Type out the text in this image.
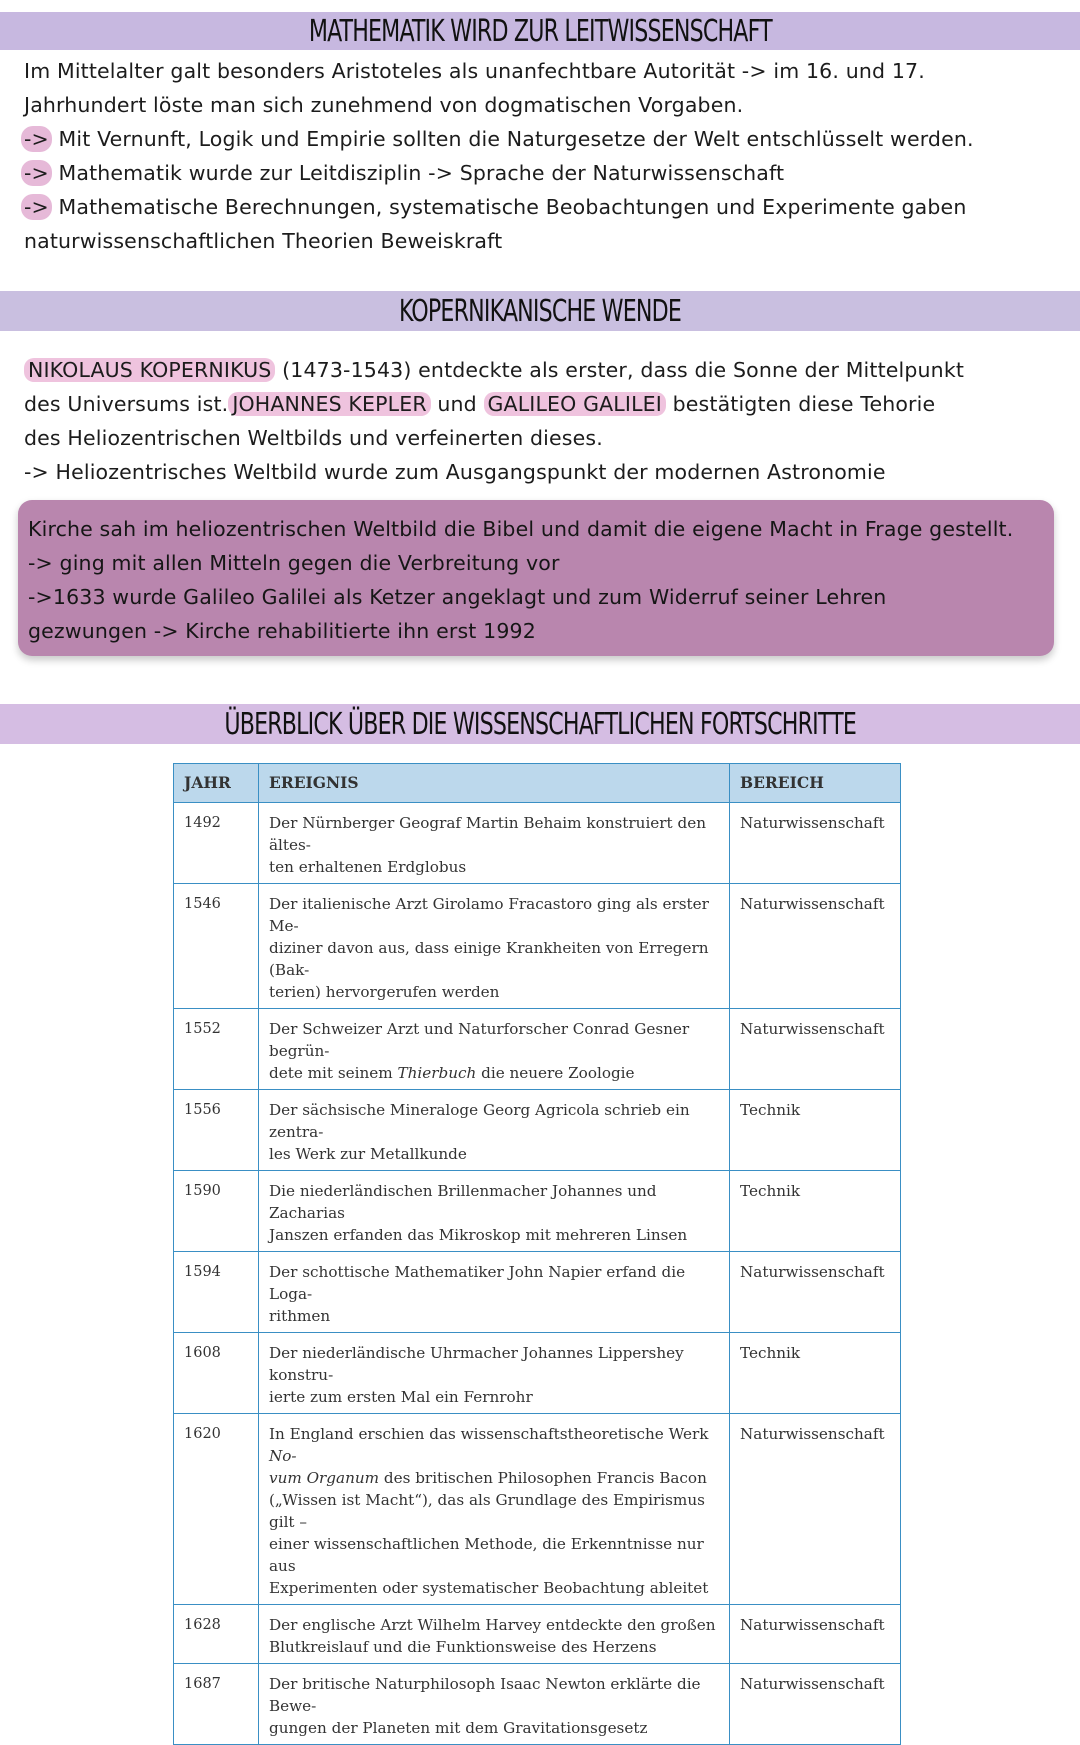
MATHEMATIK WIRD ZUR LEITWISSENSCHAFT

Im Mittelalter galt besonders Aristoteles als unanfechtbare Autorität -> im 16. und 17.

Jahrhundert löste man sich zunehmend von dogmatischen Vorgaben.

-> Mit Vernunft, Logik und Empirie sollten die Naturgesetze der Welt entschlüsselt werden.

-> Mathematik wurde zur Leitdisziplin -> Sprache der Naturwissenschaft

-> Mathematische Berechnungen, systematische Beobachtungen und Experimente gaben

naturwissenschaftlichen Theorien Beweiskraft

KOPERNIKANISCHE WENDE

NIKOLAUS KOPERNIKUS (1473-1543) entdeckte als erster, dass die Sonne der Mittelpunkt

des Universums ist. JOHANNES KEPLER und GALILEO GALILEI bestätigten diese Tehorie

des Heliozentrischen Weltbilds und verfeinerten dieses.

-> Heliozentrisches Weltbild wurde zum Ausgangspunkt der modernen Astronomie

Kirche sah im heliozentrischen Weltbild die Bibel und damit die eigene Macht in Frage gestellt.

-> ging mit allen Mitteln gegen die Verbreitung vor

->1633 wurde Galileo Galilei als Ketzer angeklagt und zum Widerruf seiner Lehren

gezwungen -> Kirche rehabilitierte ihn erst 1992

ÜBERBLICK ÜBER DIE WISSENSCHAFTLICHEN FORTSCHRITTE
JAHR	EREIGNIS	BEREICH
1492	Der Nürnberger Geograf Martin Behaim konstruiert den ältes-
ten erhaltenen Erdglobus	Naturwissenschaft
1546	Der italienische Arzt Girolamo Fracastoro ging als erster Me-
diziner davon aus, dass einige Krankheiten von Erregern (Bak-
terien) hervorgerufen werden	Naturwissenschaft
1552	Der Schweizer Arzt und Naturforscher Conrad Gesner begrün-
dete mit seinem Thierbuch die neuere Zoologie	Naturwissenschaft
1556	Der sächsische Mineraloge Georg Agricola schrieb ein zentra-
les Werk zur Metallkunde	Technik
1590	Die niederländischen Brillenmacher Johannes und Zacharias
Janszen erfanden das Mikroskop mit mehreren Linsen	Technik
1594	Der schottische Mathematiker John Napier erfand die Loga-
rithmen	Naturwissenschaft
1608	Der niederländische Uhrmacher Johannes Lippershey konstru-
ierte zum ersten Mal ein Fernrohr	Technik
1620	In England erschien das wissenschaftstheoretische Werk No-
vum Organum des britischen Philosophen Francis Bacon
(„Wissen ist Macht“), das als Grundlage des Empirismus gilt –
einer wissenschaftlichen Methode, die Erkenntnisse nur aus
Experimenten oder systematischer Beobachtung ableitet	Naturwissenschaft
1628	Der englische Arzt Wilhelm Harvey entdeckte den großen
Blutkreislauf und die Funktionsweise des Herzens	Naturwissenschaft
1687	Der britische Naturphilosoph Isaac Newton erklärte die Bewe-
gungen der Planeten mit dem Gravitationsgesetz	Naturwissenschaft
